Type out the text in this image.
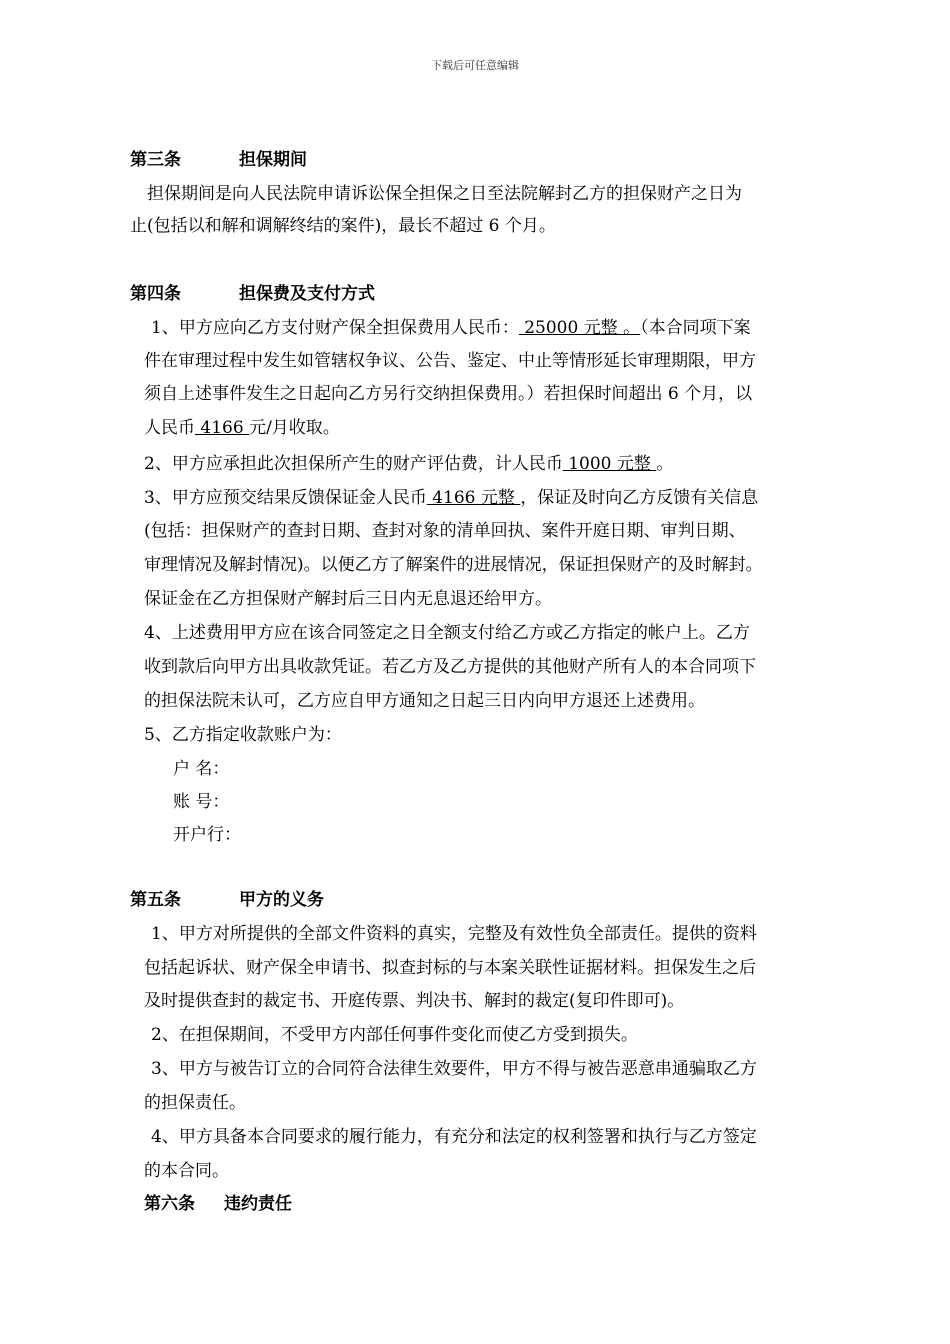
下载后可任意编辑
第三条	担保期间
担保期间是向人民法院申请诉讼保全担保之日至法院解封乙方的担保财产之日为
止(包括以和解和调解终结的案件)，最长不超过 6 个月。
第四条	担保费及支付方式
1、甲方应向乙方支付财产保全担保费用人民币： 25000 元整 。（本合同项下案
件在审理过程中发生如管辖权争议、公告、鉴定、中止等情形延长审理期限，甲方
须自上述事件发生之日起向乙方另行交纳担保费用。）若担保时间超出 6 个月，以
人民币 4166 元/月收取。
2、甲方应承担此次担保所产生的财产评估费，计人民币 1000 元整 。
3、甲方应预交结果反馈保证金人民币 4166 元整 ，保证及时向乙方反馈有关信息
(包括：担保财产的查封日期、查封对象的清单回执、案件开庭日期、审判日期、
审理情况及解封情况)。以便乙方了解案件的进展情况，保证担保财产的及时解封。
保证金在乙方担保财产解封后三日内无息退还给甲方。
4、上述费用甲方应在该合同签定之日全额支付给乙方或乙方指定的帐户上。乙方
收到款后向甲方出具收款凭证。若乙方及乙方提供的其他财产所有人的本合同项下
的担保法院未认可，乙方应自甲方通知之日起三日内向甲方退还上述费用。
5、乙方指定收款账户为：
户 名：
账 号：
开户行：
第五条	甲方的义务
1、甲方对所提供的全部文件资料的真实，完整及有效性负全部责任。提供的资料
包括起诉状、财产保全申请书、拟查封标的与本案关联性证据材料。担保发生之后
及时提供查封的裁定书、开庭传票、判决书、解封的裁定(复印件即可)。
2、在担保期间，不受甲方内部任何事件变化而使乙方受到损失。
3、甲方与被告订立的合同符合法律生效要件，甲方不得与被告恶意串通骗取乙方
的担保责任。
4、甲方具备本合同要求的履行能力，有充分和法定的权利签署和执行与乙方签定
的本合同。
第六条 违约责任
